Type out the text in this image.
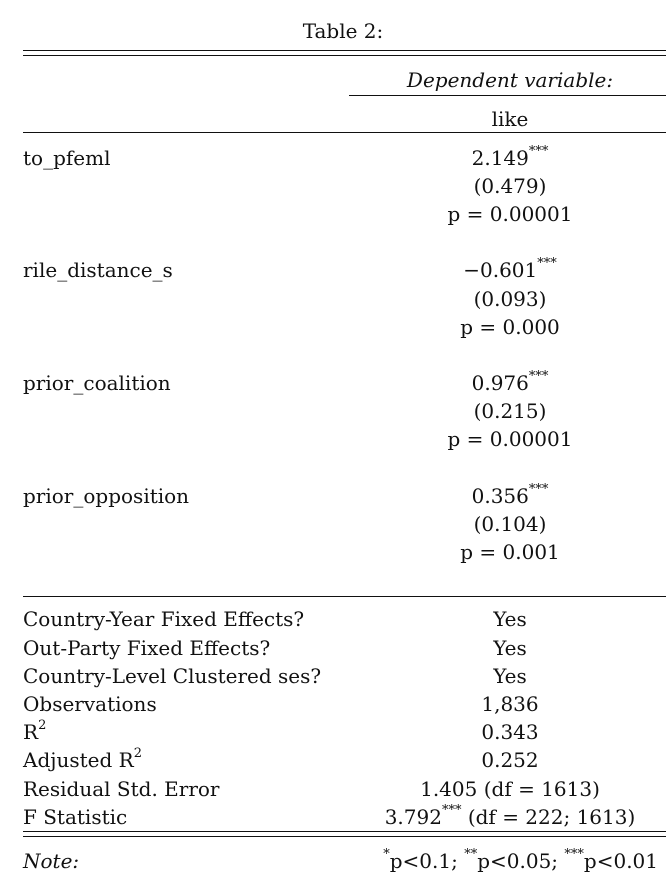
Table 2:
Dependent variable:
like
to_pfeml	2.149***
(0.479)
p = 0.00001
rile_distance_s	−0.601***
(0.093)
p = 0.000
prior_coalition	0.976***
(0.215)
p = 0.00001
prior_opposition	0.356***
(0.104)
p = 0.001
Country-Year Fixed Effects?	Yes
Out-Party Fixed Effects?	Yes
Country-Level Clustered ses?	Yes
Observations	1,836
$R^2$	0.343
Adjusted $R^2$	0.252
Residual Std. Error	1.405 (df = 1613)
F Statistic	3.792*** (df = 222; 1613)
Note:	*p<0.1; **p<0.05; ***p<0.01
